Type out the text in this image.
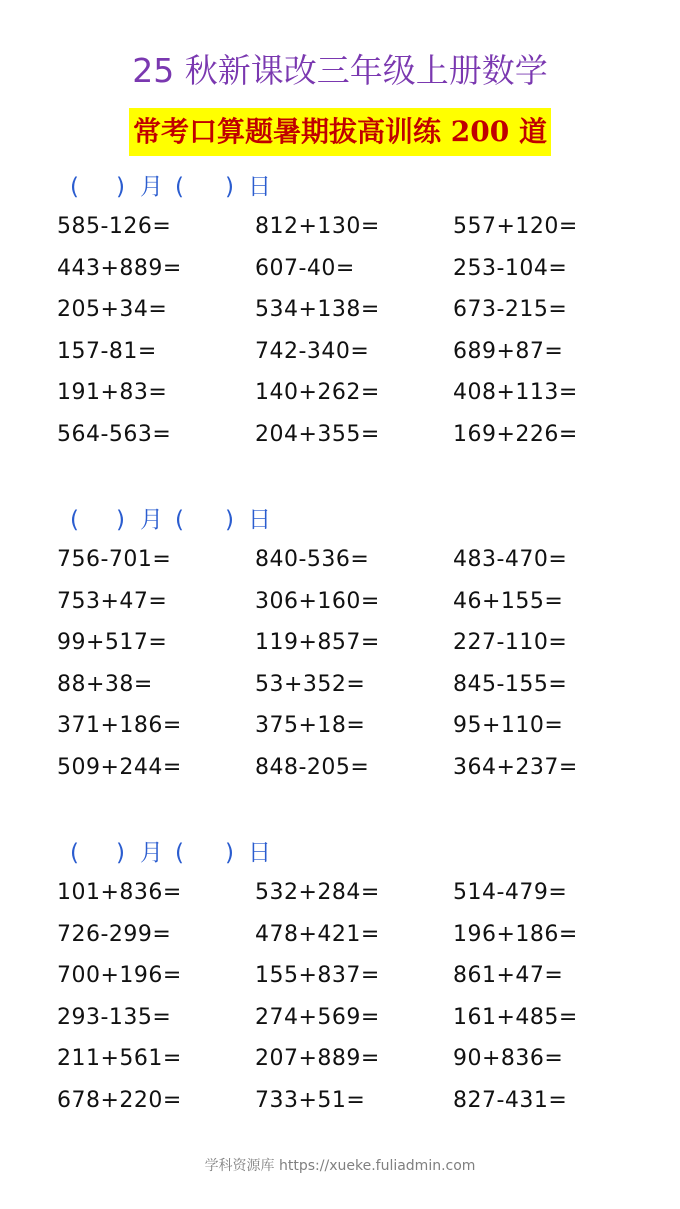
25 秋新课改三年级上册数学
常考口算题暑期拔高训练 200 道
( ) 月 ( ) 日
585-126=	812+130=	557+120=
443+889=	607-40=	253-104=
205+34=	534+138=	673-215=
157-81=	742-340=	689+87=
191+83=	140+262=	408+113=
564-563=	204+355=	169+226=
( ) 月 ( ) 日
756-701=	840-536=	483-470=
753+47=	306+160=	46+155=
99+517=	119+857=	227-110=
88+38=	53+352=	845-155=
371+186=	375+18=	95+110=
509+244=	848-205=	364+237=
( ) 月 ( ) 日
101+836=	532+284=	514-479=
726-299=	478+421=	196+186=
700+196=	155+837=	861+47=
293-135=	274+569=	161+485=
211+561=	207+889=	90+836=
678+220=	733+51=	827-431=
学科资源库 https://xueke.fuliadmin.com
